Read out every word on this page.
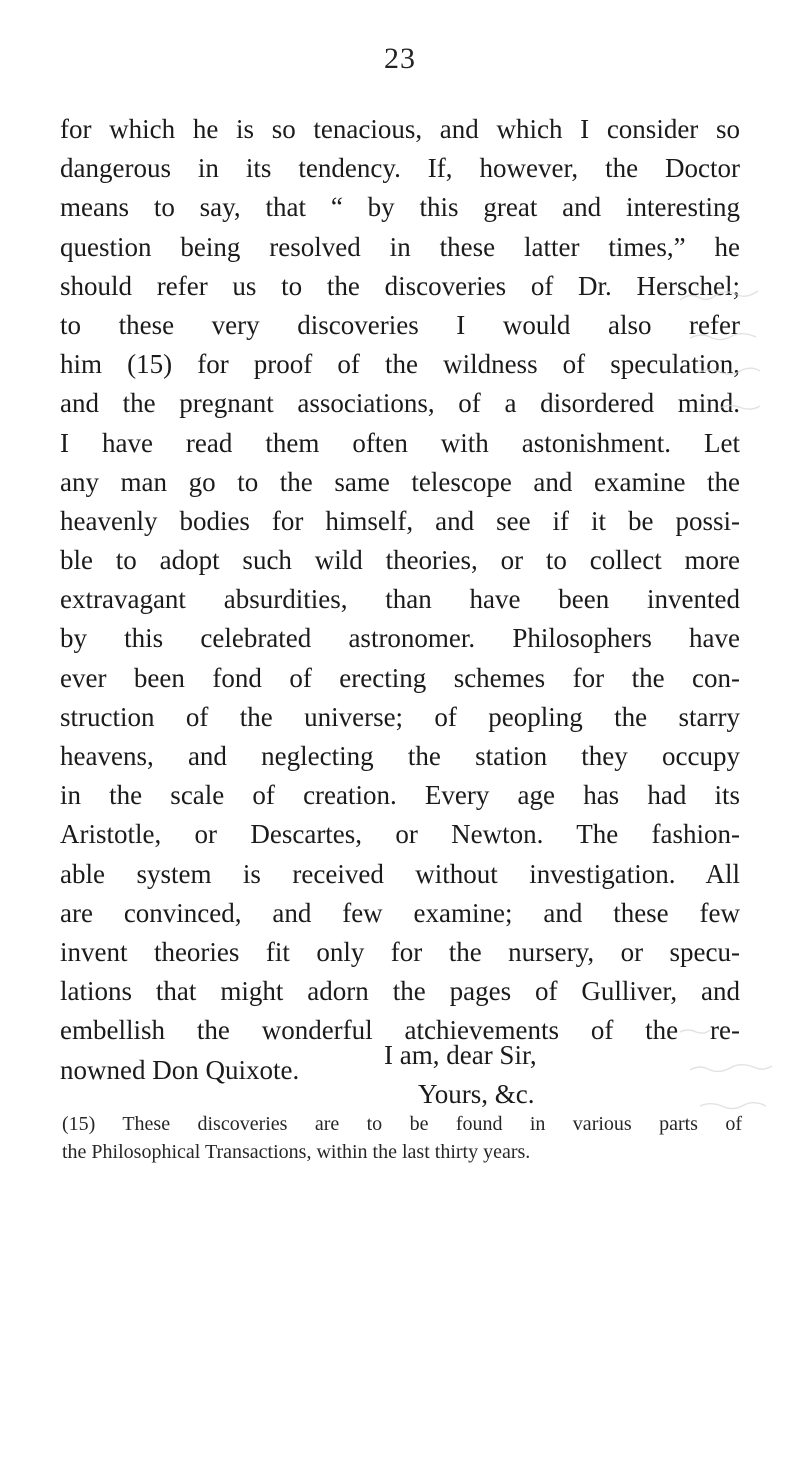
23
for which he is so tenacious, and which I consider so
dangerous in its tendency. If, however, the Doctor
means to say, that “ by this great and interesting
question being resolved in these latter times,” he
should refer us to the discoveries of Dr. Herschel;
to these very discoveries I would also refer
him (15) for proof of the wildness of speculation,
and the pregnant associations, of a disordered mind.
I have read them often with astonishment. Let
any man go to the same telescope and examine the
heavenly bodies for himself, and see if it be possi-
ble to adopt such wild theories, or to collect more
extravagant absurdities, than have been invented
by this celebrated astronomer. Philosophers have
ever been fond of erecting schemes for the con-
struction of the universe; of peopling the starry
heavens, and neglecting the station they occupy
in the scale of creation. Every age has had its
Aristotle, or Descartes, or Newton. The fashion-
able system is received without investigation. All
are convinced, and few examine; and these few
invent theories fit only for the nursery, or specu-
lations that might adorn the pages of Gulliver, and
embellish the wonderful atchievements of the re-
nowned Don Quixote.	I am, dear Sir,
Yours, &c.
(15) These discoveries are to be found in various parts of
the Philosophical Transactions, within the last thirty years.
